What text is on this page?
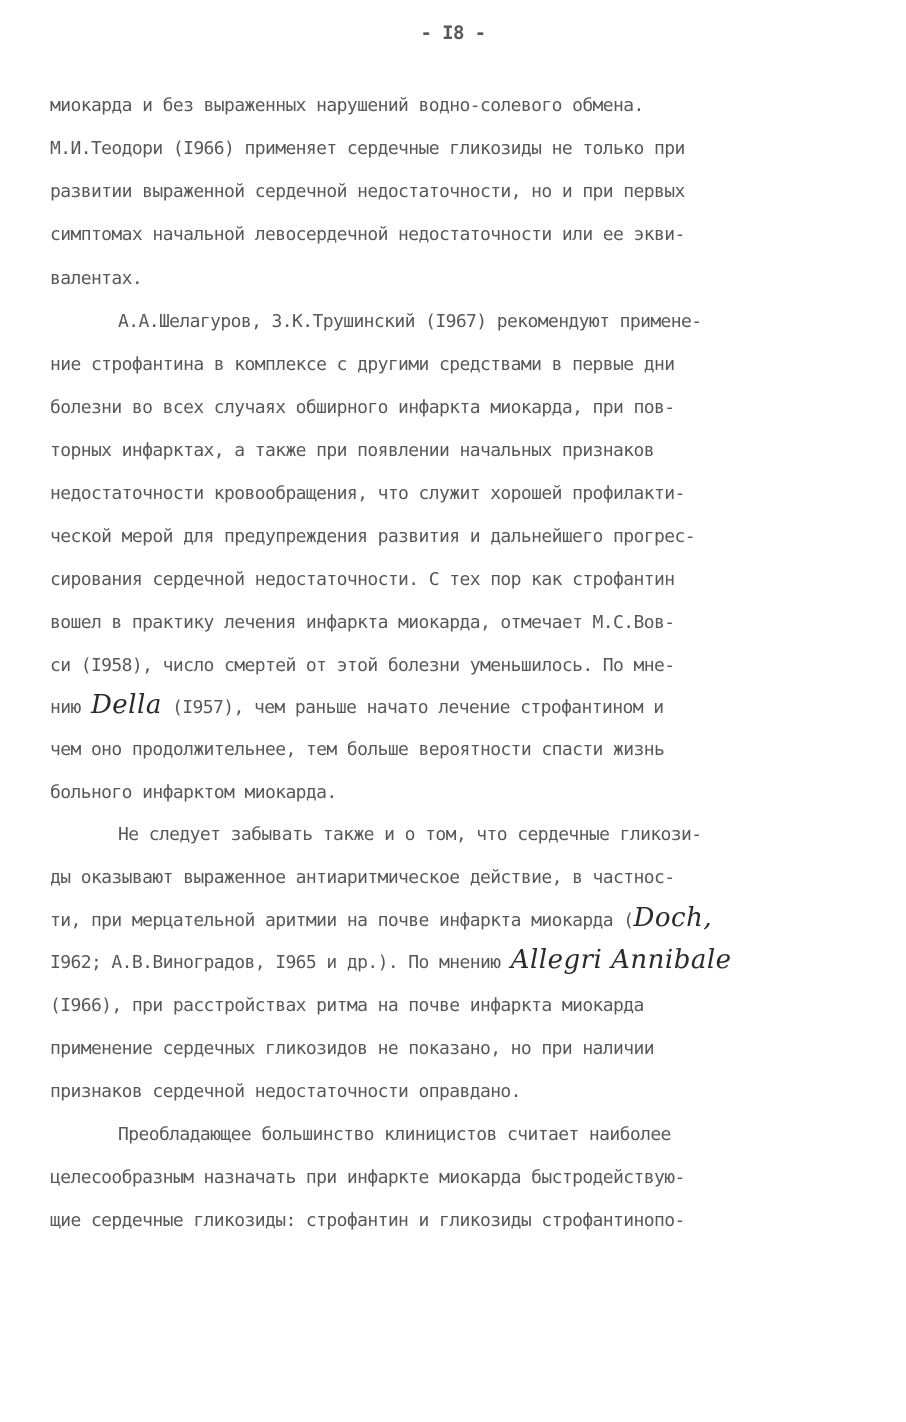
- I8 -
миокарда и без выраженных нарушений водно-солевого обмена.
М.И.Теодори (I966) применяет сердечные гликозиды не только при
развитии выраженной сердечной недостаточности, но и при первых
симптомах начальной левосердечной недостаточности или ее экви-
валентах.
А.А.Шелагуров, З.К.Трушинский (I967) рекомендуют примене-
ние строфантина в комплексе с другими средствами в первые дни
болезни во всех случаях обширного инфаркта миокарда, при пов-
торных инфарктах, а также при появлении начальных признаков
недостаточности кровообращения, что служит хорошей профилакти-
ческой мерой для предупреждения развития и дальнейшего прогрес-
сирования сердечной недостаточности. С тех пор как строфантин
вошел в практику лечения инфаркта миокарда, отмечает М.С.Вов-
си (I958), число смертей от этой болезни уменьшилось. По мне-
нию Della (I957), чем раньше начато лечение строфантином и
чем оно продолжительнее, тем больше вероятности спасти жизнь
больного инфарктом миокарда.
Не следует забывать также и о том, что сердечные гликози-
ды оказывают выраженное антиаритмическое действие, в частнос-
ти, при мерцательной аритмии на почве инфаркта миокарда (Doch,
I962; А.В.Виноградов, I965 и др.). По мнению Allegri Annibale
(I966), при расстройствах ритма на почве инфаркта миокарда
применение сердечных гликозидов не показано, но при наличии
признаков сердечной недостаточности оправдано.
Преобладающее большинство клиницистов считает наиболее
целесообразным назначать при инфаркте миокарда быстродействую-
щие сердечные гликозиды: строфантин и гликозиды строфантинопо-
